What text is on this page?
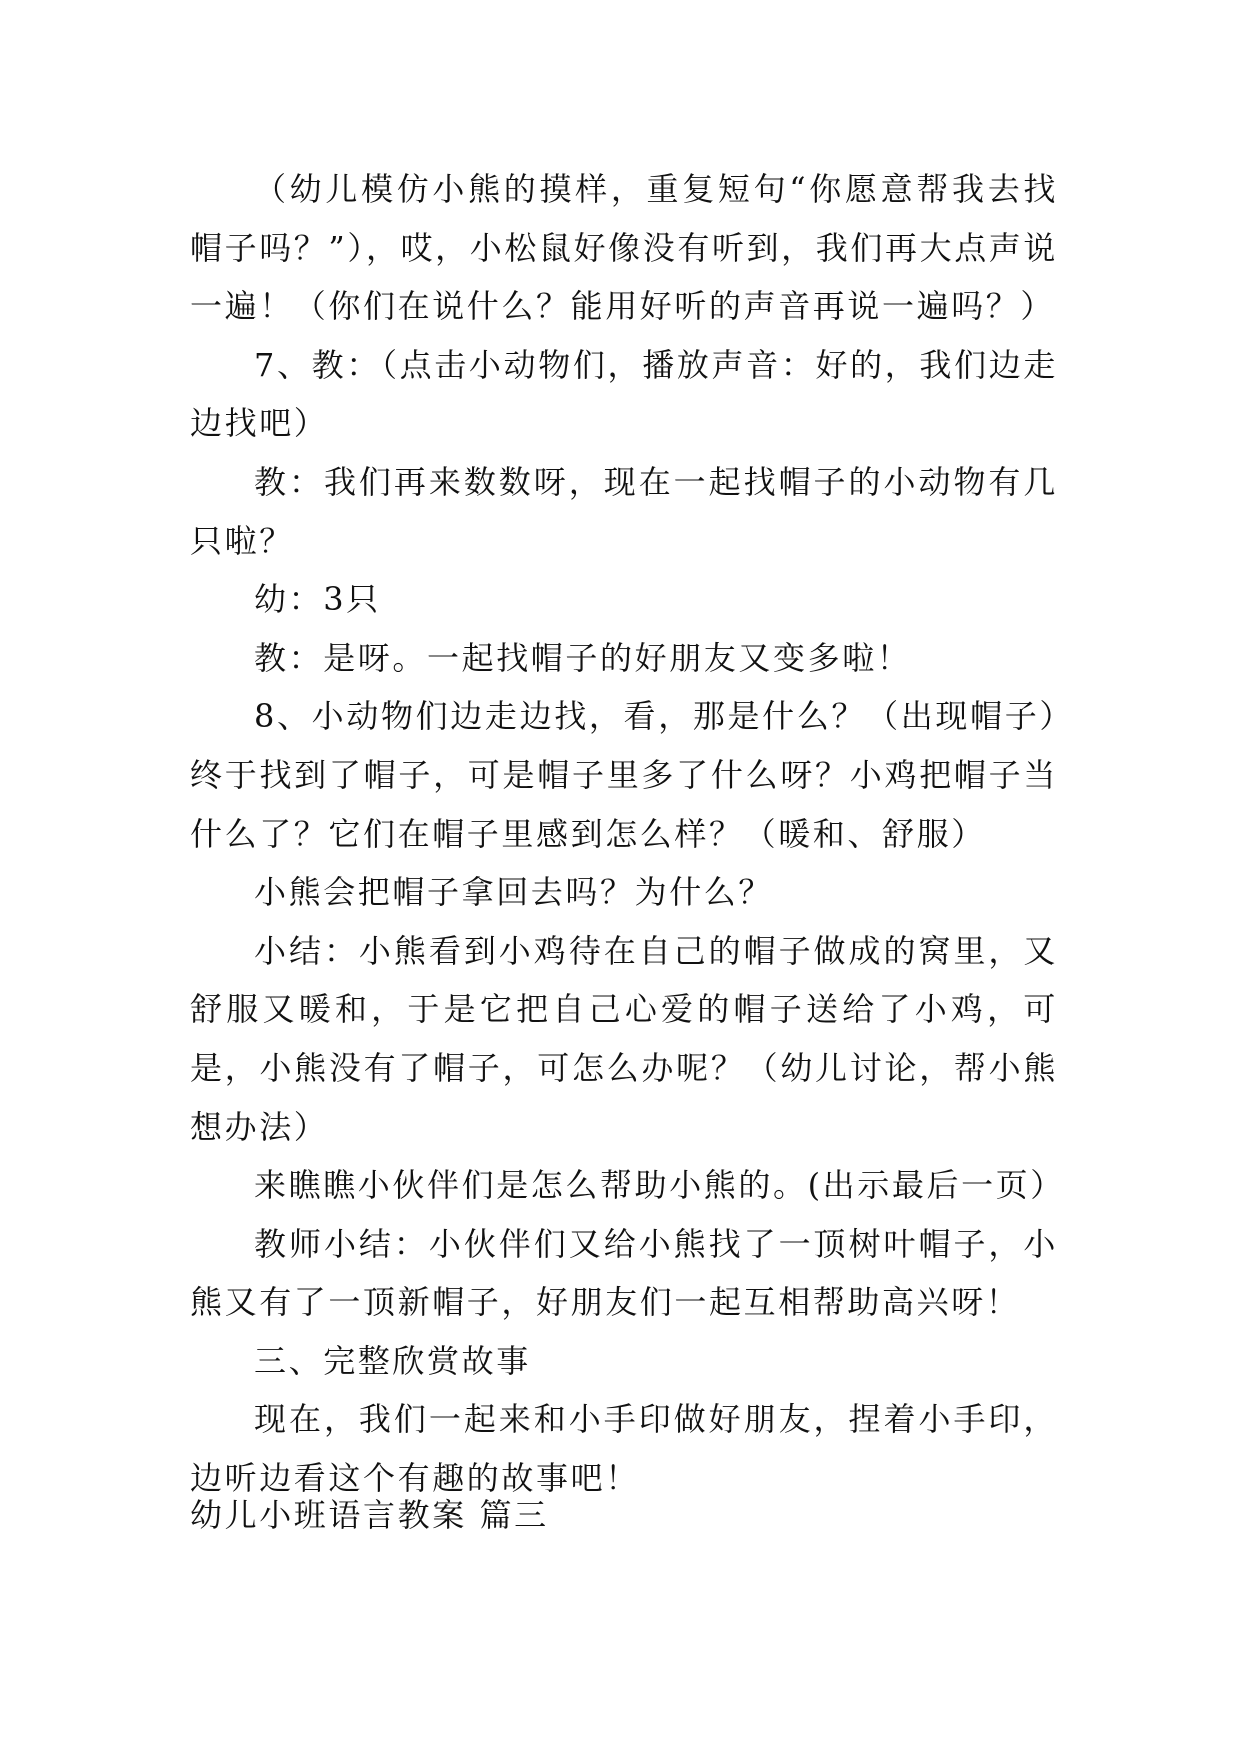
（幼儿模仿小熊的摸样，重复短句“你愿意帮我去找帽子吗？”），哎，小松鼠好像没有听到，我们再大点声说一遍！（你们在说什么？能用好听的声音再说一遍吗？）

7、教：（点击小动物们，播放声音：好的，我们边走边找吧）

教：我们再来数数呀，现在一起找帽子的小动物有几只啦？

幼：3只

教：是呀。一起找帽子的好朋友又变多啦！

8、小动物们边走边找，看，那是什么？（出现帽子）终于找到了帽子，可是帽子里多了什么呀？小鸡把帽子当什么了？它们在帽子里感到怎么样？（暖和、舒服）

小熊会把帽子拿回去吗？为什么？

小结：小熊看到小鸡待在自己的帽子做成的窝里，又舒服又暖和，于是它把自己心爱的帽子送给了小鸡，可是，小熊没有了帽子，可怎么办呢？（幼儿讨论，帮小熊想办法）

来瞧瞧小伙伴们是怎么帮助小熊的。(出示最后一页）

教师小结：小伙伴们又给小熊找了一顶树叶帽子，小熊又有了一顶新帽子，好朋友们一起互相帮助高兴呀！

三、完整欣赏故事

现在，我们一起来和小手印做好朋友，捏着小手印，边听边看这个有趣的故事吧！

幼儿小班语言教案 篇三
